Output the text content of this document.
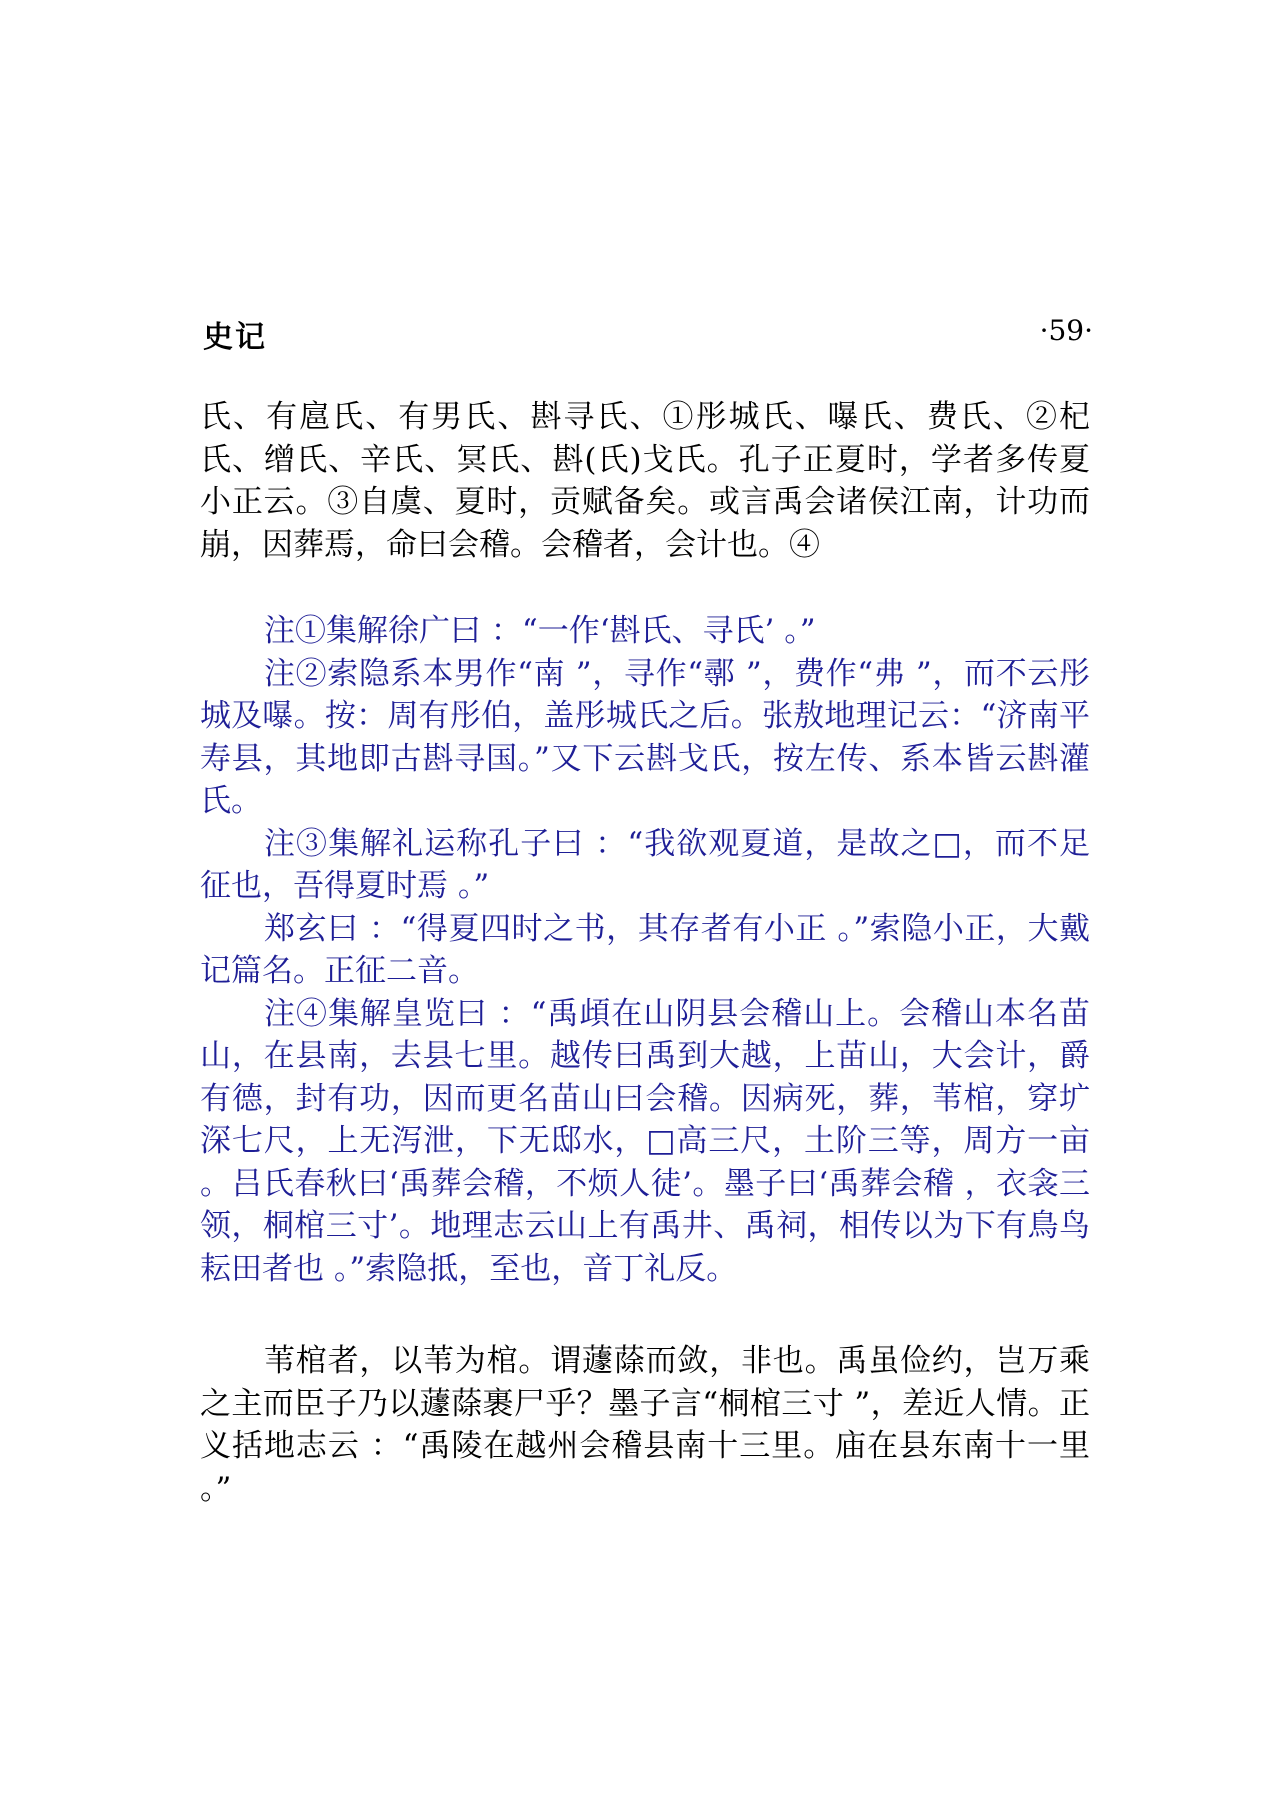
史记	·59·

氏、有扈氏、有男氏、斟寻氏、①彤城氏、嚗氏、费氏、②杞氏、缯氏、辛氏、冥氏、斟(氏)戈氏。孔子正夏时，学者多传夏小正云。③自虞、夏时，贡赋备矣。或言禹会诸侯江南，计功而崩，因葬焉，命曰会稽。会稽者，会计也。④

注①集解徐广曰 ：“一作‘斟氏、寻氏’ 。”

注②索隐系本男作“南 ”，寻作“鄩 ”，费作“弗 ”，而不云彤城及嚗。按：周有彤伯，盖彤城氏之后。张敖地理记云：“济南平寿县，其地即古斟寻国。”又下云斟戈氏，按左传、系本皆云斟灌氏。

注③集解礼运称孔子曰 ：“我欲观夏道，是故之□，而不足征也，吾得夏时焉 。”

郑玄曰 ：“得夏四时之书，其存者有小正 。”索隐小正，大戴记篇名。正征二音。

注④集解皇览曰 ：“禹頉在山阴县会稽山上。会稽山本名苗山，在县南，去县七里。越传曰禹到大越，上苗山，大会计，爵有德，封有功，因而更名苗山曰会稽。因病死，葬，苇棺，穿圹深七尺，上无泻泄，下无邸水，□高三尺，土阶三等，周方一亩 。吕氏春秋曰‘禹葬会稽，不烦人徒’。墨子曰‘禹葬会稽 ，衣衾三领，桐棺三寸’。地理志云山上有禹井、禹祠，相传以为下有鳥鸟耘田者也 。”索隐抵，至也，音丁礼反。

苇棺者，以苇为棺。谓蘧蒢而敛，非也。禹虽俭约，岂万乘之主而臣子乃以蘧蒢裹尸乎？墨子言“桐棺三寸 ”，差近人情。正义括地志云 ：“禹陵在越州会稽县南十三里。庙在县东南十一里 。”
